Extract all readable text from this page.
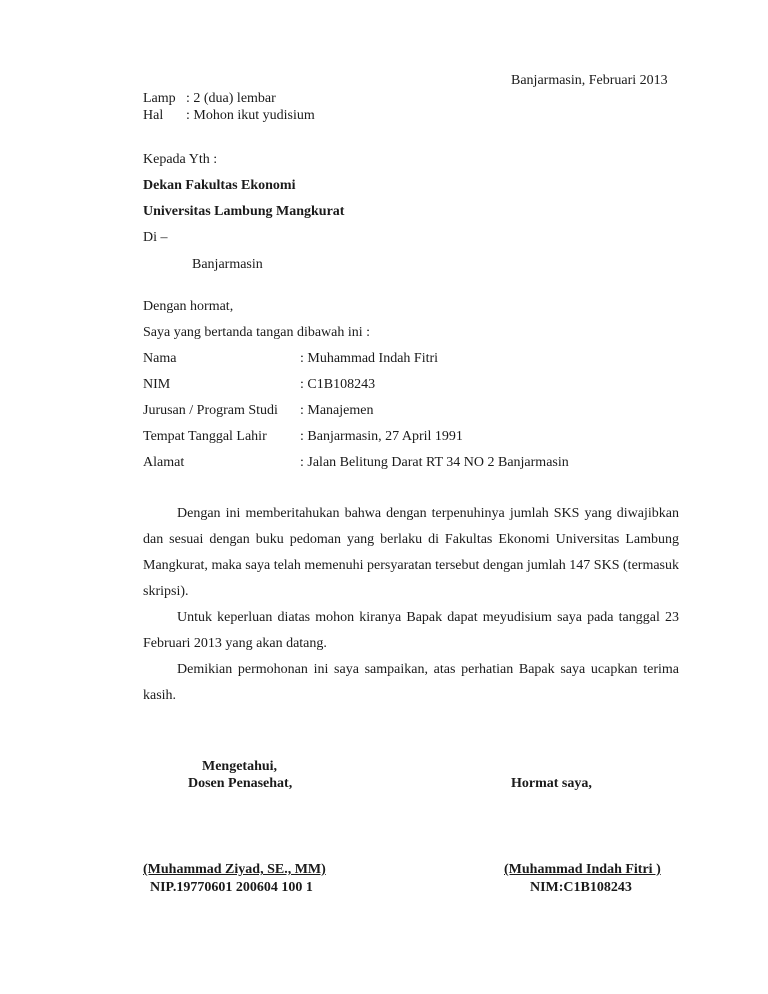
Banjarmasin, Februari 2013
Lamp : 2 (dua) lembar
Hal : Mohon ikut yudisium
Kepada Yth :
Dekan Fakultas Ekonomi
Universitas Lambung Mangkurat
Di –
Banjarmasin
Dengan hormat,
Saya yang bertanda tangan dibawah ini :
Nama	: Muhammad Indah Fitri
NIM	: C1B108243
Jurusan / Program Studi : Manajemen
Tempat Tanggal Lahir : Banjarmasin, 27 April 1991
Alamat	: Jalan Belitung Darat RT 34 NO 2 Banjarmasin

Dengan ini memberitahukan bahwa dengan terpenuhinya jumlah SKS yang diwajibkan dan sesuai dengan buku pedoman yang berlaku di Fakultas Ekonomi Universitas Lambung Mangkurat, maka saya telah memenuhi persyaratan tersebut dengan jumlah 147 SKS (termasuk skripsi).

Untuk keperluan diatas mohon kiranya Bapak dapat meyudisium saya pada tanggal 23 Februari 2013 yang akan datang.

Demikian permohonan ini saya sampaikan, atas perhatian Bapak saya ucapkan terima kasih.

Mengetahui,
Dosen Penasehat,	Hormat saya,
(Muhammad Ziyad, SE., MM)
NIP.19770601 200604 100 1
(Muhammad Indah Fitri )
NIM:C1B108243
